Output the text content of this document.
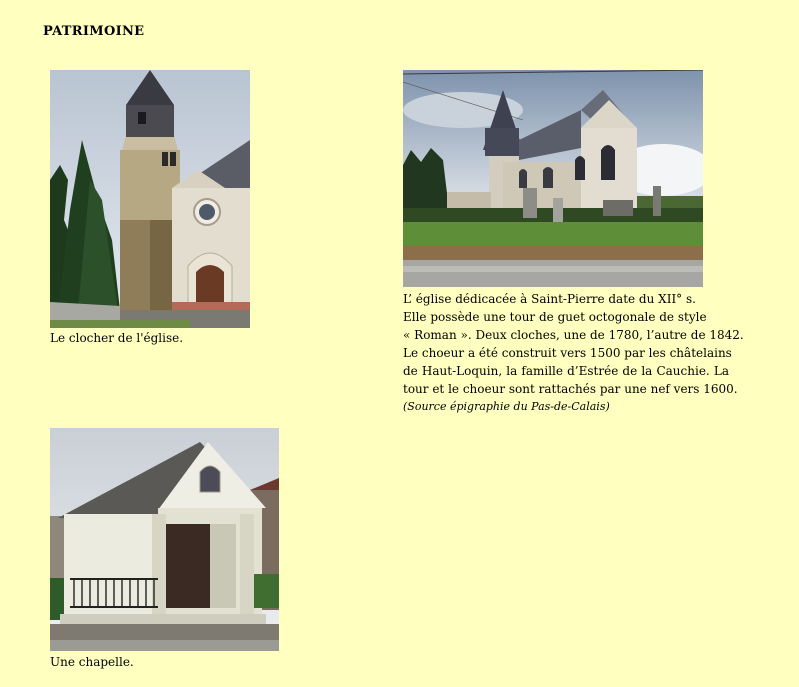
PATRIMOINE
Le clocher de l'église.
L’ église dédicacée à Saint-Pierre date du XII° s.
Elle possède une tour de guet octogonale de style
« Roman ». Deux cloches, une de 1780, l’autre de 1842.
Le choeur a été construit vers 1500 par les châtelains
de Haut-Loquin, la famille d’Estrée de la Cauchie. La
tour et le choeur sont rattachés par une nef vers 1600.
(Source épigraphie du Pas-de-Calais)
Une chapelle.
